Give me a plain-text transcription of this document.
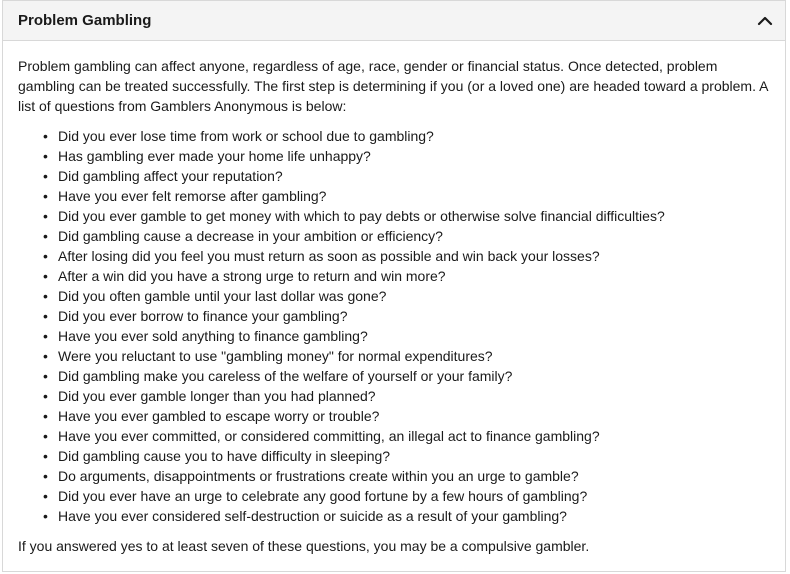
Problem Gambling

Problem gambling can affect anyone, regardless of age, race, gender or financial status. Once detected, problem gambling can be treated successfully. The first step is determining if you (or a loved one) are headed toward a problem. A list of questions from Gamblers Anonymous is below:

• Did you ever lose time from work or school due to gambling?
• Has gambling ever made your home life unhappy?
• Did gambling affect your reputation?
• Have you ever felt remorse after gambling?
• Did you ever gamble to get money with which to pay debts or otherwise solve financial difficulties?
• Did gambling cause a decrease in your ambition or efficiency?
• After losing did you feel you must return as soon as possible and win back your losses?
• After a win did you have a strong urge to return and win more?
• Did you often gamble until your last dollar was gone?
• Did you ever borrow to finance your gambling?
• Have you ever sold anything to finance gambling?
• Were you reluctant to use "gambling money" for normal expenditures?
• Did gambling make you careless of the welfare of yourself or your family?
• Did you ever gamble longer than you had planned?
• Have you ever gambled to escape worry or trouble?
• Have you ever committed, or considered committing, an illegal act to finance gambling?
• Did gambling cause you to have difficulty in sleeping?
• Do arguments, disappointments or frustrations create within you an urge to gamble?
• Did you ever have an urge to celebrate any good fortune by a few hours of gambling?
• Have you ever considered self-destruction or suicide as a result of your gambling?

If you answered yes to at least seven of these questions, you may be a compulsive gambler.
